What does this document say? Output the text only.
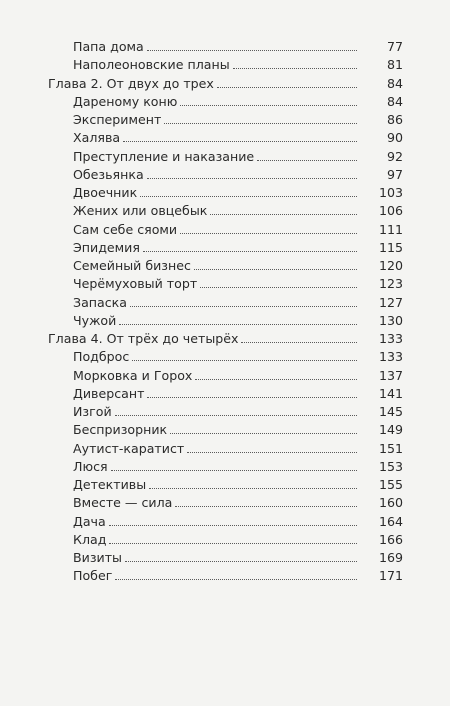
Папа дома	77
Наполеоновские планы	81
Глава 2. От двух до трех	84
Дареному коню	84
Эксперимент	86
Халява	90
Преступление и наказание	92
Обезьянка	97
Двоечник	103
Жених или овцебык	106
Сам себе сяоми	111
Эпидемия	115
Семейный бизнес	120
Черёмуховый торт	123
Запаска	127
Чужой	130
Глава 4. От трёх до четырёх	133
Подброс	133
Морковка и Горох	137
Диверсант	141
Изгой	145
Беспризорник	149
Аутист-каратист	151
Люся	153
Детективы	155
Вместе — сила	160
Дача	164
Клад	166
Визиты	169
Побег	171
